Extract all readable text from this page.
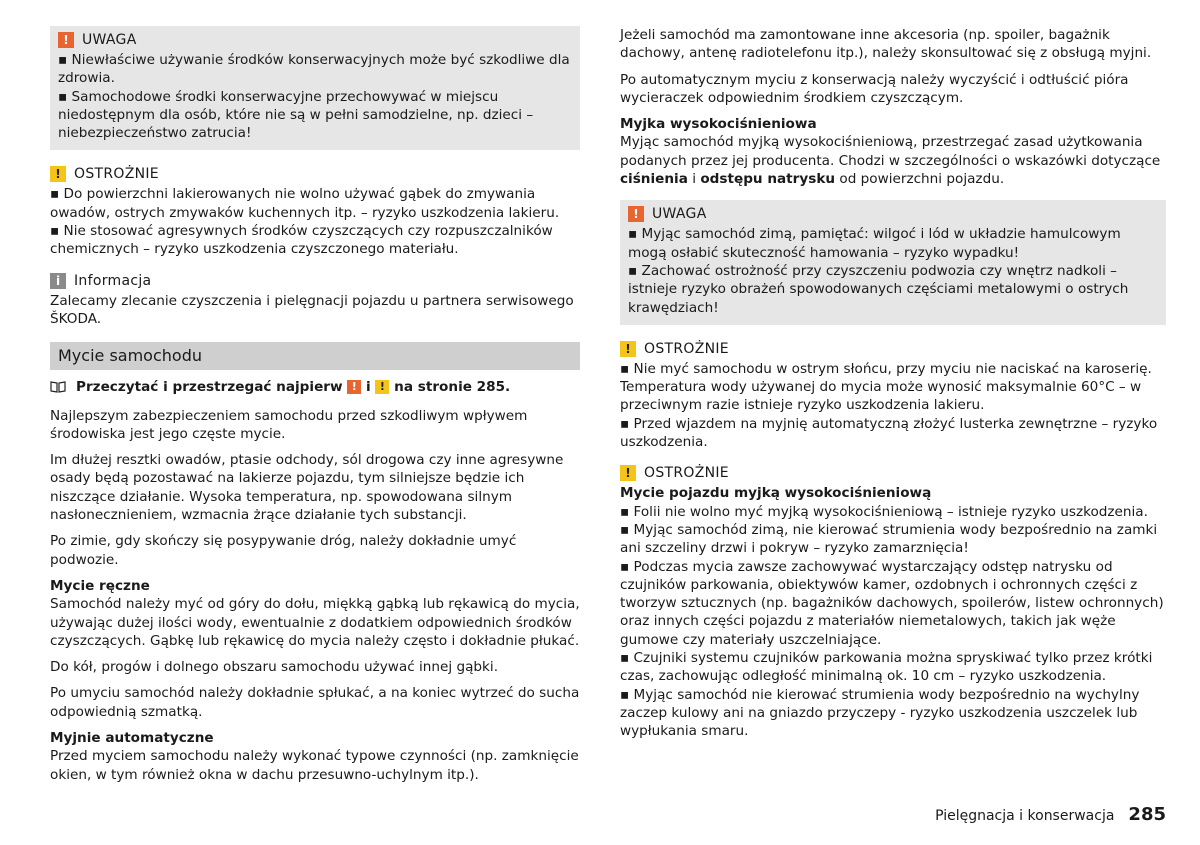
! UWAGA

▪ Niewłaściwe używanie środków konserwacyjnych może być szkodliwe dla zdrowia.

▪ Samochodowe środki konserwacyjne przechowywać w miejscu niedostępnym dla osób, które nie są w pełni samodzielne, np. dzieci – niebezpieczeństwo zatrucia!

! OSTROŻNIE

▪ Do powierzchni lakierowanych nie wolno używać gąbek do zmywania owadów, ostrych zmywaków kuchennych itp. – ryzyko uszkodzenia lakieru.

▪ Nie stosować agresywnych środków czyszczących czy rozpuszczalników chemicznych – ryzyko uszkodzenia czyszczonego materiału.

i Informacja

Zalecamy zlecanie czyszczenia i pielęgnacji pojazdu u partnera serwisowego ŠKODA.

Mycie samochodu
Przeczytać i przestrzegać najpierw
!
i
!
na stronie 285.

Najlepszym zabezpieczeniem samochodu przed szkodliwym wpływem środowiska jest jego częste mycie.

Im dłużej resztki owadów, ptasie odchody, sól drogowa czy inne agresywne osady będą pozostawać na lakierze pojazdu, tym silniejsze będzie ich niszczące działanie. Wysoka temperatura, np. spowodowana silnym nasłonecznieniem, wzmacnia żrące działanie tych substancji.

Po zimie, gdy skończy się posypywanie dróg, należy dokładnie umyć podwozie.

Mycie ręczne

Samochód należy myć od góry do dołu, miękką gąbką lub rękawicą do mycia, używając dużej ilości wody, ewentualnie z dodatkiem odpowiednich środków czyszczących. Gąbkę lub rękawicę do mycia należy często i dokładnie płukać.

Do kół, progów i dolnego obszaru samochodu używać innej gąbki.

Po umyciu samochód należy dokładnie spłukać, a na koniec wytrzeć do sucha odpowiednią szmatką.

Myjnie automatyczne

Przed myciem samochodu należy wykonać typowe czynności (np. zamknięcie okien, w tym również okna w dachu przesuwno-uchylnym itp.).

Jeżeli samochód ma zamontowane inne akcesoria (np. spoiler, bagażnik dachowy, antenę radiotelefonu itp.), należy skonsultować się z obsługą myjni.

Po automatycznym myciu z konserwacją należy wyczyścić i odtłuścić pióra wycieraczek odpowiednim środkiem czyszczącym.

Myjka wysokociśnieniowa

Myjąc samochód myjką wysokociśnieniową, przestrzegać zasad użytkowania podanych przez jej producenta. Chodzi w szczególności o wskazówki dotyczące ciśnienia i odstępu natrysku od powierzchni pojazdu.

! UWAGA

▪ Myjąc samochód zimą, pamiętać: wilgoć i lód w układzie hamulcowym mogą osłabić skuteczność hamowania – ryzyko wypadku!

▪ Zachować ostrożność przy czyszczeniu podwozia czy wnętrz nadkoli – istnieje ryzyko obrażeń spowodowanych częściami metalowymi o ostrych krawędziach!

! OSTROŻNIE

▪ Nie myć samochodu w ostrym słońcu, przy myciu nie naciskać na karoserię. Temperatura wody używanej do mycia może wynosić maksymalnie 60°C – w przeciwnym razie istnieje ryzyko uszkodzenia lakieru.

▪ Przed wjazdem na myjnię automatyczną złożyć lusterka zewnętrzne – ryzyko uszkodzenia.

! OSTROŻNIE

Mycie pojazdu myjką wysokociśnieniową

▪ Folii nie wolno myć myjką wysokociśnieniową – istnieje ryzyko uszkodzenia.

▪ Myjąc samochód zimą, nie kierować strumienia wody bezpośrednio na zamki ani szczeliny drzwi i pokryw – ryzyko zamarznięcia!

▪ Podczas mycia zawsze zachowywać wystarczający odstęp natrysku od czujników parkowania, obiektywów kamer, ozdobnych i ochronnych części z tworzyw sztucznych (np. bagażników dachowych, spoilerów, listew ochronnych) oraz innych części pojazdu z materiałów niemetalowych, takich jak węże gumowe czy materiały uszczelniające.

▪ Czujniki systemu czujników parkowania można spryskiwać tylko przez krótki czas, zachowując odległość minimalną ok. 10 cm – ryzyko uszkodzenia.

▪ Myjąc samochód nie kierować strumienia wody bezpośrednio na wychylny zaczep kulowy ani na gniazdo przyczepy - ryzyko uszkodzenia uszczelek lub wypłukania smaru.

Pielęgnacja i konserwacja 285
